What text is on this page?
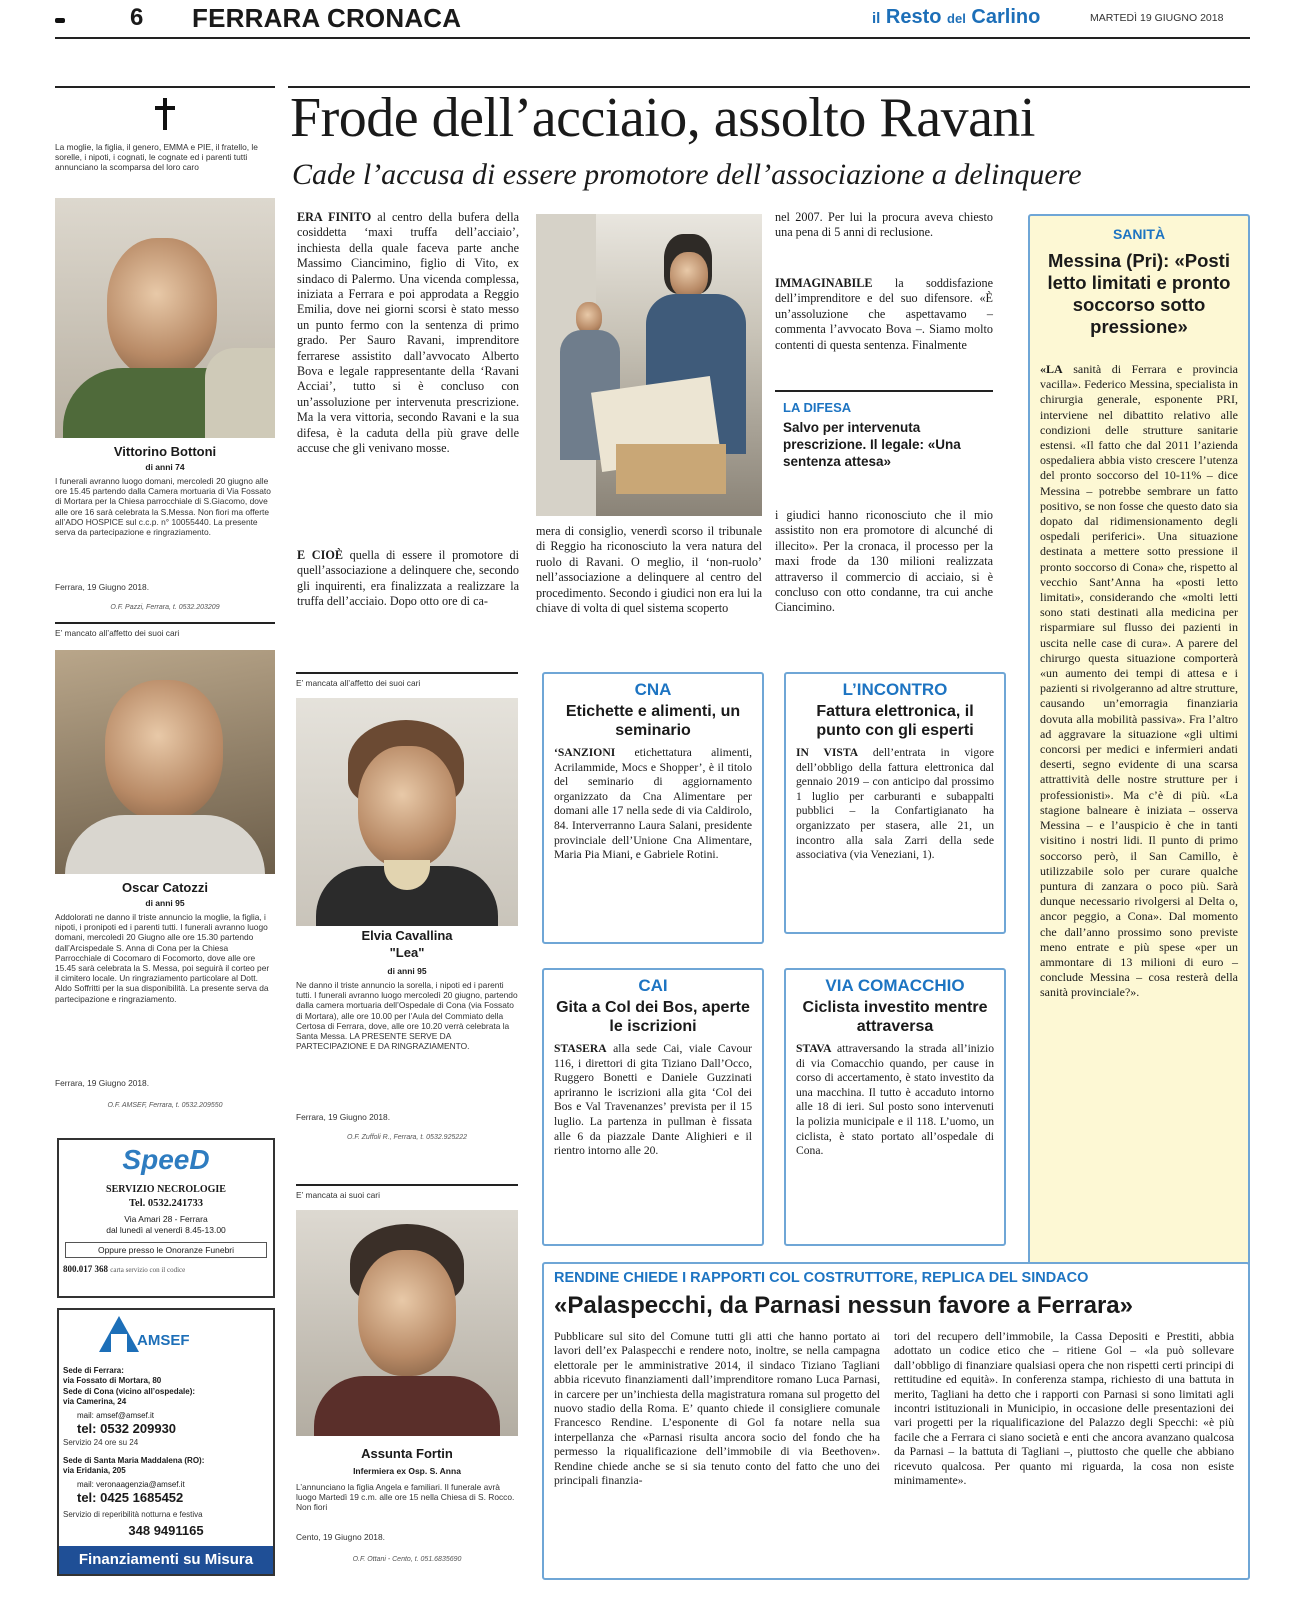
6 FERRARA CRONACA	il Resto del Carlino	MARTEDÌ 19 GIUGNO 2018
La moglie, la figlia, il genero, EMMA e PIE, il fratello, le sorelle, i nipoti, i cognati, le cognate ed i parenti tutti annunciano la scomparsa del loro caro
Vittorino Bottoni
di anni 74
I funerali avranno luogo domani, mercoledì 20 giugno alle ore 15.45 partendo dalla Camera mortuaria di Via Fossato di Mortara per la Chiesa parrocchiale di S.Giacomo, dove alle ore 16 sarà celebrata la S.Messa. Non fiori ma offerte all’ADO HOSPICE sul c.c.p. n° 10055440. La presente serva da partecipazione e ringraziamento.
Ferrara, 19 Giugno 2018.
O.F. Pazzi, Ferrara, t. 0532.203209
E’ mancato all’affetto dei suoi cari
Oscar Catozzi
di anni 95
Addolorati ne danno il triste annuncio la moglie, la figlia, i nipoti, i pronipoti ed i parenti tutti. I funerali avranno luogo domani, mercoledì 20 Giugno alle ore 15.30 partendo dall’Arcispedale S. Anna di Cona per la Chiesa Parrocchiale di Cocomaro di Focomorto, dove alle ore 15.45 sarà celebrata la S. Messa, poi seguirà il corteo per il cimitero locale. Un ringraziamento particolare al Dott. Aldo Soffritti per la sua disponibilità. La presente serva da partecipazione e ringraziamento.
Ferrara, 19 Giugno 2018.
O.F. AMSEF, Ferrara, t. 0532.209550
SpeeD
SERVIZIO NECROLOGIE
Tel. 0532.241733
Via Amari 28 - Ferrara
dal lunedì al venerdì 8.45-13.00
Oppure presso le Onoranze Funebri
800.017 368 carta servizio con il codice
AMSEF
Sede di Ferrara:
via Fossato di Mortara, 80
Sede di Cona (vicino all’ospedale):
via Camerina, 24
mail: amsef@amsef.it
tel: 0532 209930
Servizio 24 ore su 24
Sede di Santa Maria Maddalena (RO):
via Eridania, 205
mail: veronaagenzia@amsef.it
tel: 0425 1685452
Servizio di reperibilità notturna e festiva
348 9491165
Finanziamenti su Misura
Frode dell’acciaio, assolto Ravani
Cade l’accusa di essere promotore dell’associazione a delinquere
ERA FINITO al centro della bufera della cosiddetta ‘maxi truffa dell’acciaio’, inchiesta della quale faceva parte anche Massimo Ciancimino, figlio di Vito, ex sindaco di Palermo. Una vicenda complessa, iniziata a Ferrara e poi approdata a Reggio Emilia, dove nei giorni scorsi è stato messo un punto fermo con la sentenza di primo grado. Per Sauro Ravani, imprenditore ferrarese assistito dall’avvocato Alberto Bova e legale rappresentante della ‘Ravani Acciai’, tutto si è concluso con un’assoluzione per intervenuta prescrizione. Ma la vera vittoria, secondo Ravani e la sua difesa, è la caduta della più grave delle accuse che gli venivano mosse.
E CIOÈ quella di essere il promotore di quell’associazione a delinquere che, secondo gli inquirenti, era finalizzata a realizzare la truffa dell’acciaio. Dopo otto ore di ca-
mera di consiglio, venerdì scorso il tribunale di Reggio ha riconosciuto la vera natura del ruolo di Ravani. O meglio, il ‘non-ruolo’ nell’associazione a delinquere al centro del procedimento. Secondo i giudici non era lui la chiave di volta di quel sistema scoperto
nel 2007. Per lui la procura aveva chiesto una pena di 5 anni di reclusione.
IMMAGINABILE la soddisfazione dell’imprenditore e del suo difensore. «È un’assoluzione che aspettavamo – commenta l’avvocato Bova –. Siamo molto contenti di questa sentenza. Finalmente
LA DIFESA
Salvo per intervenuta prescrizione. Il legale: «Una sentenza attesa»
i giudici hanno riconosciuto che il mio assistito non era promotore di alcunché di illecito». Per la cronaca, il processo per la maxi frode da 130 milioni realizzata attraverso il commercio di acciaio, si è concluso con otto condanne, tra cui anche Ciancimino.
SANITÀ
Messina (Pri): «Posti letto limitati e pronto soccorso sotto pressione»
«LA sanità di Ferrara e provincia vacilla». Federico Messina, specialista in chirurgia generale, esponente PRI, interviene nel dibattito relativo alle condizioni delle strutture sanitarie estensi. «Il fatto che dal 2011 l’azienda ospedaliera abbia visto crescere l’utenza del pronto soccorso del 10-11% – dice Messina – potrebbe sembrare un fatto positivo, se non fosse che questo dato sia dopato dal ridimensionamento degli ospedali periferici». Una situazione destinata a mettere sotto pressione il pronto soccorso di Cona» che, rispetto al vecchio Sant’Anna ha «posti letto limitati», considerando che «molti letti sono stati destinati alla medicina per risparmiare sul flusso dei pazienti in uscita nelle case di cura». A parere del chirurgo questa situazione comporterà «un aumento dei tempi di attesa e i pazienti si rivolgeranno ad altre strutture, causando un’emorragia finanziaria dovuta alla mobilità passiva». Fra l’altro ad aggravare la situazione «gli ultimi concorsi per medici e infermieri andati deserti, segno evidente di una scarsa attrattività delle nostre strutture per i professionisti». Ma c’è di più. «La stagione balneare è iniziata – osserva Messina – e l’auspicio è che in tanti visitino i nostri lidi. Il punto di primo soccorso però, il San Camillo, è utilizzabile solo per curare qualche puntura di zanzara o poco più. Sarà dunque necessario rivolgersi al Delta o, ancor peggio, a Cona». Dal momento che dall’anno prossimo sono previste meno entrate e più spese «per un ammontare di 13 milioni di euro – conclude Messina – cosa resterà della sanità provinciale?».
E’ mancata all’affetto dei suoi cari
Elvia Cavallina
"Lea"
di anni 95
Ne danno il triste annuncio la sorella, i nipoti ed i parenti tutti. I funerali avranno luogo mercoledì 20 giugno, partendo dalla camera mortuaria dell’Ospedale di Cona (via Fossato di Mortara), alle ore 10.00 per l’Aula del Commiato della Certosa di Ferrara, dove, alle ore 10.20 verrà celebrata la Santa Messa. LA PRESENTE SERVE DA PARTECIPAZIONE E DA RINGRAZIAMENTO.
Ferrara, 19 Giugno 2018.
O.F. Zuffoli R., Ferrara, t. 0532.925222
E’ mancata ai suoi cari
Assunta Fortin
Infermiera ex Osp. S. Anna
L’annunciano la figlia Angela e familiari. Il funerale avrà luogo Martedì 19 c.m. alle ore 15 nella Chiesa di S. Rocco. Non fiori
Cento, 19 Giugno 2018.
O.F. Ottani - Cento, t. 051.6835690
CNA
Etichette e alimenti, un seminario
‘SANZIONI etichettatura alimenti, Acrilammide, Mocs e Shopper’, è il titolo del seminario di aggiornamento organizzato da Cna Alimentare per domani alle 17 nella sede di via Caldirolo, 84. Interverranno Laura Salani, presidente provinciale dell’Unione Cna Alimentare, Maria Pia Miani, e Gabriele Rotini.
L’INCONTRO
Fattura elettronica, il punto con gli esperti
IN VISTA dell’entrata in vigore dell’obbligo della fattura elettronica dal gennaio 2019 – con anticipo dal prossimo 1 luglio per carburanti e subappalti pubblici – la Confartigianato ha organizzato per stasera, alle 21, un incontro alla sala Zarri della sede associativa (via Veneziani, 1).
CAI
Gita a Col dei Bos, aperte le iscrizioni
STASERA alla sede Cai, viale Cavour 116, i direttori di gita Tiziano Dall’Occo, Ruggero Bonetti e Daniele Guzzinati apriranno le iscrizioni alla gita ‘Col dei Bos e Val Travenanzes’ prevista per il 15 luglio. La partenza in pullman è fissata alle 6 da piazzale Dante Alighieri e il rientro intorno alle 20.
VIA COMACCHIO
Ciclista investito mentre attraversa
STAVA attraversando la strada all’inizio di via Comacchio quando, per cause in corso di accertamento, è stato investito da una macchina. Il tutto è accaduto intorno alle 18 di ieri. Sul posto sono intervenuti la polizia municipale e il 118. L’uomo, un ciclista, è stato portato all’ospedale di Cona.
RENDINE CHIEDE I RAPPORTI COL COSTRUTTORE, REPLICA DEL SINDACO
«Palaspecchi, da Parnasi nessun favore a Ferrara»
Pubblicare sul sito del Comune tutti gli atti che hanno portato ai lavori dell’ex Palaspecchi e rendere noto, inoltre, se nella campagna elettorale per le amministrative 2014, il sindaco Tiziano Tagliani abbia ricevuto finanziamenti dall’imprenditore romano Luca Parnasi, in carcere per un’inchiesta della magistratura romana sul progetto del nuovo stadio della Roma. E’ quanto chiede il consigliere comunale Francesco Rendine. L’esponente di Gol fa notare nella sua interpellanza che «Parnasi risulta ancora socio del fondo che ha permesso la riqualificazione dell’immobile di via Beethoven». Rendine chiede anche se si sia tenuto conto del fatto che uno dei principali finanzia-
tori del recupero dell’immobile, la Cassa Depositi e Prestiti, abbia adottato un codice etico che – ritiene Gol – «la può sollevare dall’obbligo di finanziare qualsiasi opera che non rispetti certi principi di rettitudine ed equità». In conferenza stampa, richiesto di una battuta in merito, Tagliani ha detto che i rapporti con Parnasi si sono limitati agli incontri istituzionali in Municipio, in occasione delle presentazioni dei vari progetti per la riqualificazione del Palazzo degli Specchi: «è più facile che a Ferrara ci siano società e enti che ancora avanzano qualcosa da Parnasi – la battuta di Tagliani –, piuttosto che quelle che abbiano ricevuto qualcosa. Per quanto mi riguarda, la cosa non esiste minimamente».
